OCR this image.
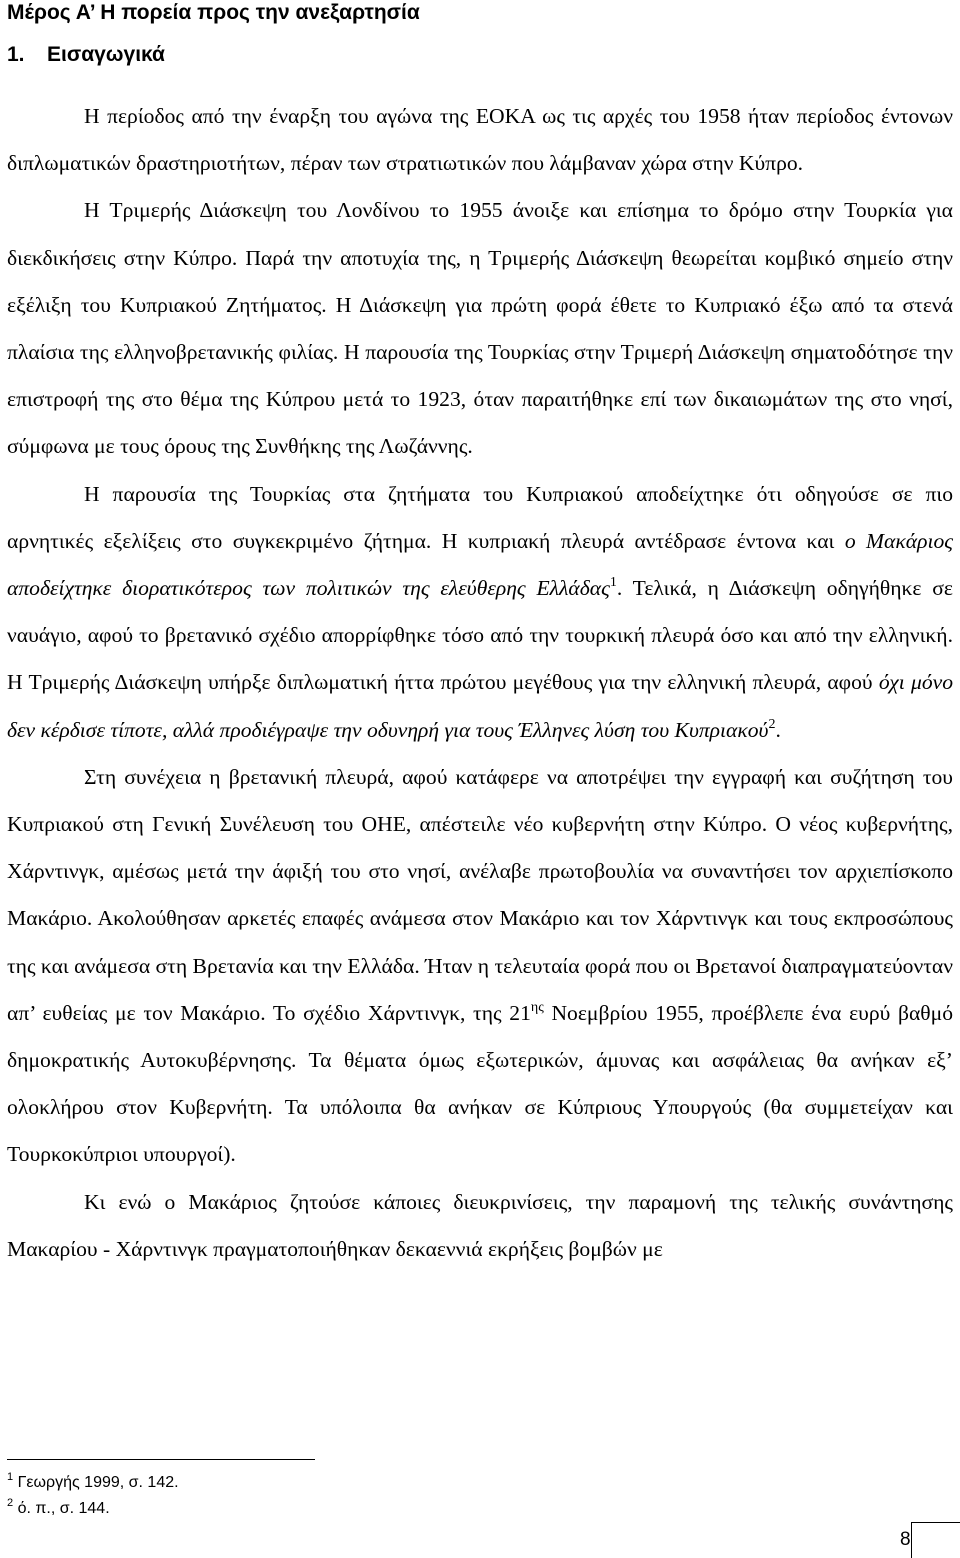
Μέρος Α’ Η πορεία προς την ανεξαρτησία
1. Εισαγωγικά

Η περίοδος από την έναρξη του αγώνα της ΕΟΚΑ ως τις αρχές του 1958 ήταν περίοδος έντονων διπλωματικών δραστηριοτήτων, πέραν των στρατιωτικών που λάμβαναν χώρα στην Κύπρο.

Η Τριμερής Διάσκεψη του Λονδίνου το 1955 άνοιξε και επίσημα το δρόμο στην Τουρκία για διεκδικήσεις στην Κύπρο. Παρά την αποτυχία της, η Τριμερής Διάσκεψη θεωρείται κομβικό σημείο στην εξέλιξη του Κυπριακού Ζητήματος. Η Διάσκεψη για πρώτη φορά έθετε το Κυπριακό έξω από τα στενά πλαίσια της ελληνοβρετανικής φιλίας. Η παρουσία της Τουρκίας στην Τριμερή Διάσκεψη σηματοδότησε την επιστροφή της στο θέμα της Κύπρου μετά το 1923, όταν παραιτήθηκε επί των δικαιωμάτων της στο νησί, σύμφωνα με τους όρους της Συνθήκης της Λωζάννης.

Η παρουσία της Τουρκίας στα ζητήματα του Κυπριακού αποδείχτηκε ότι οδηγούσε σε πιο αρνητικές εξελίξεις στο συγκεκριμένο ζήτημα. Η κυπριακή πλευρά αντέδρασε έντονα και ο Μακάριος αποδείχτηκε διορατικότερος των πολιτικών της ελεύθερης Ελλάδας$^1$. Τελικά, η Διάσκεψη οδηγήθηκε σε ναυάγιο, αφού το βρετανικό σχέδιο απορρίφθηκε τόσο από την τουρκική πλευρά όσο και από την ελληνική. Η Τριμερής Διάσκεψη υπήρξε διπλωματική ήττα πρώτου μεγέθους για την ελληνική πλευρά, αφού όχι μόνο δεν κέρδισε τίποτε, αλλά προδιέγραψε την οδυνηρή για τους Έλληνες λύση του Κυπριακού$^2$.

Στη συνέχεια η βρετανική πλευρά, αφού κατάφερε να αποτρέψει την εγγραφή και συζήτηση του Κυπριακού στη Γενική Συνέλευση του ΟΗΕ, απέστειλε νέο κυβερνήτη στην Κύπρο. Ο νέος κυβερνήτης, Χάρντινγκ, αμέσως μετά την άφιξή του στο νησί, ανέλαβε πρωτοβουλία να συναντήσει τον αρχιεπίσκοπο Μακάριο. Ακολούθησαν αρκετές επαφές ανάμεσα στον Μακάριο και τον Χάρντινγκ και τους εκπροσώπους της και ανάμεσα στη Βρετανία και την Ελλάδα. Ήταν η τελευταία φορά που οι Βρετανοί διαπραγματεύονταν απ’ ευθείας με τον Μακάριο. Το σχέδιο Χάρντινγκ, της $21^{\eta\varsigma}$ Νοεμβρίου 1955, προέβλεπε ένα ευρύ βαθμό δημοκρατικής Αυτοκυβέρνησης. Τα θέματα όμως εξωτερικών, άμυνας και ασφάλειας θα ανήκαν εξ’ ολοκλήρου στον Κυβερνήτη. Τα υπόλοιπα θα ανήκαν σε Κύπριους Υπουργούς (θα συμμετείχαν και Τουρκοκύπριοι υπουργοί).

Κι ενώ ο Μακάριος ζητούσε κάποιες διευκρινίσεις, την παραμονή της τελικής συνάντησης Μακαρίου - Χάρντινγκ πραγματοποιήθηκαν δεκαεννιά εκρήξεις βομβών με

$^1$ Γεωργής 1999, σ. 142.
$^2$ ό. π., σ. 144.
8
